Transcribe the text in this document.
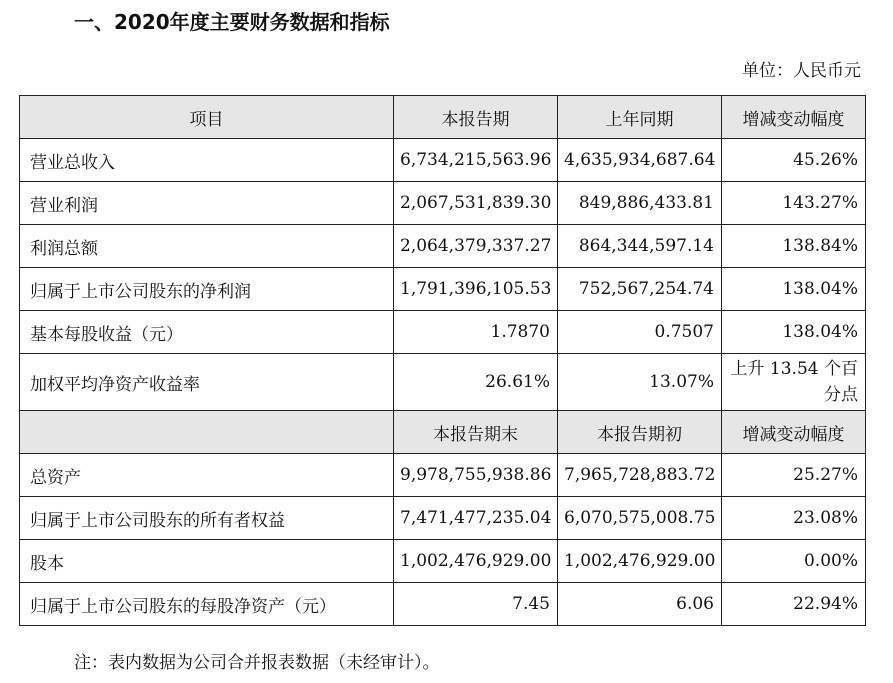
一、2020年度主要财务数据和指标
单位：人民币元
项目	本报告期	上年同期	增减变动幅度
营业总收入	6,734,215,563.96	4,635,934,687.64	45.26%
营业利润	2,067,531,839.30	849,886,433.81	143.27%
利润总额	2,064,379,337.27	864,344,597.14	138.84%
归属于上市公司股东的净利润	1,791,396,105.53	752,567,254.74	138.04%
基本每股收益（元）	1.7870	0.7507	138.04%
加权平均净资产收益率	26.61%	13.07%	上升 13.54 个百分点
	本报告期末	本报告期初	增减变动幅度
总资产	9,978,755,938.86	7,965,728,883.72	25.27%
归属于上市公司股东的所有者权益	7,471,477,235.04	6,070,575,008.75	23.08%
股本	1,002,476,929.00	1,002,476,929.00	0.00%
归属于上市公司股东的每股净资产（元）	7.45	6.06	22.94%
注：表内数据为公司合并报表数据（未经审计）。
